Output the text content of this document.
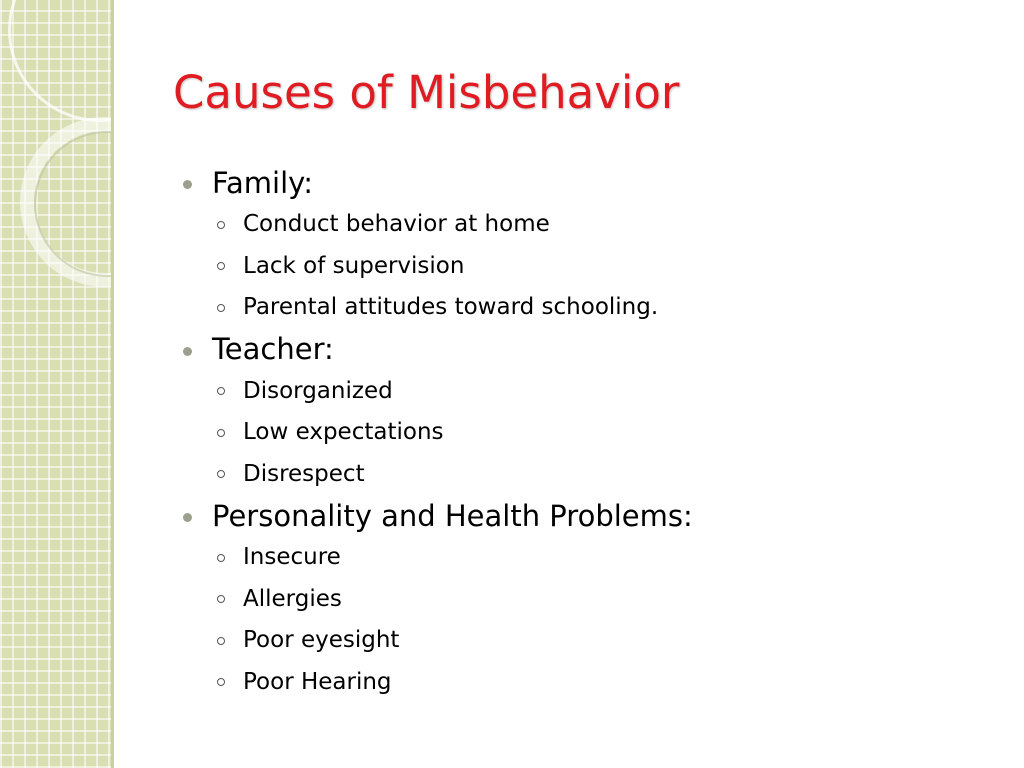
Causes of Misbehavior
Family:
Conduct behavior at home
Lack of supervision
Parental attitudes toward schooling.
Teacher:
Disorganized
Low expectations
Disrespect
Personality and Health Problems:
Insecure
Allergies
Poor eyesight
Poor Hearing
